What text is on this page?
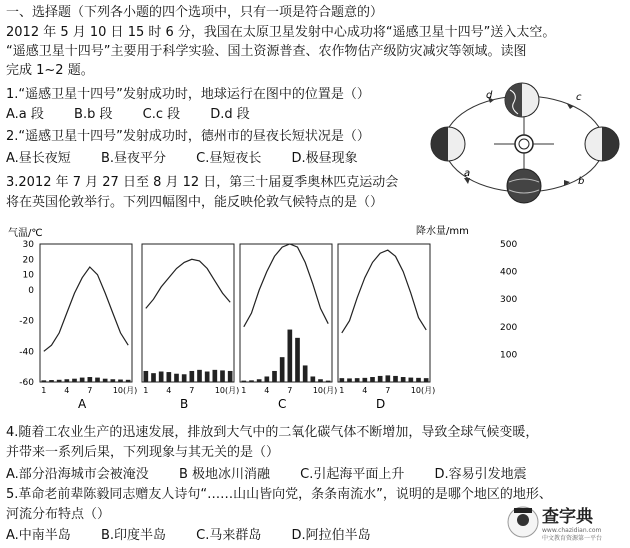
一、选择题（下列各小题的四个选项中，只有一项是符合题意的）
2012 年 5 月 10 日 15 时 6 分，我国在太原卫星发射中心成功将“遥感卫星十四号”送入太空。
“遥感卫星十四号”主要用于科学实验、国土资源普查、农作物估产级防灾减灾等领域。读图
完成 1~2 题。
1.“遥感卫星十四号”发射成功时，地球运行在图中的位置是（）
A.a 段 B.b 段 C.c 段 D.d 段
2.“遥感卫星十四号”发射成功时，德州市的昼夜长短状况是（）
A.昼长夜短 B.昼夜平分 C.昼短夜长 D.极昼现象
3.2012 年 7 月 27 日至 8 月 12 日，第三十届夏季奥林匹克运动会
将在英国伦敦举行。下列四幅图中，能反映伦敦气候特点的是（）
d	c
a
b
气温/℃	降水量/mm
30
20
10
0
-20
-40
-60
500
400
300
200
100
1 4 7	10(月)
A
1 4 7	10(月)
B
1 4 7	10(月)
C
1 4 7	10(月)
D
4.随着工农业生产的迅速发展，排放到大气中的二氧化碳气体不断增加，导致全球气候变暖，
并带来一系列后果，下列现象与其无关的是（）
A.部分沿海城市会被淹没 B 极地冰川消融 C.引起海平面上升 D.容易引发地震
5.革命老前辈陈毅同志赠友人诗句“……山山皆向党，条条南流水”，说明的是哪个地区的地形、
河流分布特点（）
A.中南半岛 B.印度半岛 C.马来群岛 D.阿拉伯半岛
查字典
www.chazidian.com
中文教育资源第一平台
